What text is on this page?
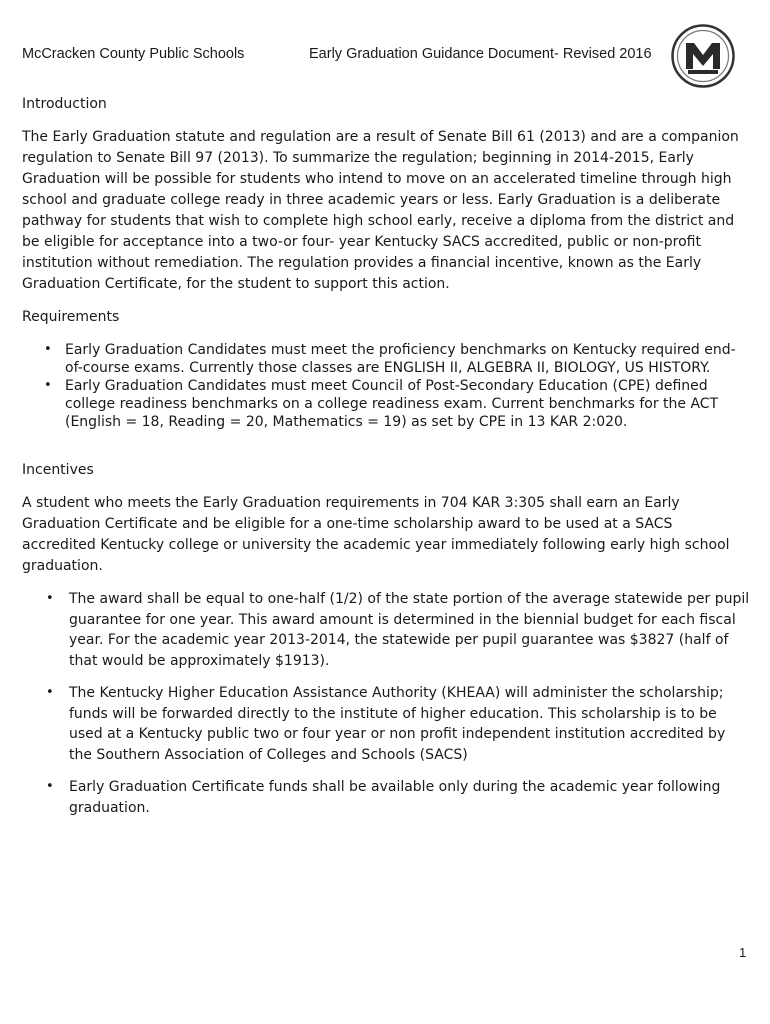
McCracken County Public Schools	Early Graduation Guidance Document- Revised 2016
Introduction

The Early Graduation statute and regulation are a result of Senate Bill 61 (2013) and are a companion regulation to Senate Bill 97 (2013). To summarize the regulation; beginning in 2014-2015, Early Graduation will be possible for students who intend to move on an accelerated timeline through high school and graduate college ready in three academic years or less. Early Graduation is a deliberate pathway for students that wish to complete high school early, receive a diploma from the district and be eligible for acceptance into a two-or four- year Kentucky SACS accredited, public or non-profit institution without remediation. The regulation provides a financial incentive, known as the Early Graduation Certificate, for the student to support this action.

Requirements
• Early Graduation Candidates must meet the proficiency benchmarks on Kentucky required end-of-course exams. Currently those classes are ENGLISH II, ALGEBRA II, BIOLOGY, US HISTORY.
• Early Graduation Candidates must meet Council of Post-Secondary Education (CPE) defined college readiness benchmarks on a college readiness exam. Current benchmarks for the ACT (English = 18, Reading = 20, Mathematics = 19) as set by CPE in 13 KAR 2:020.
Incentives

A student who meets the Early Graduation requirements in 704 KAR 3:305 shall earn an Early Graduation Certificate and be eligible for a one-time scholarship award to be used at a SACS accredited Kentucky college or university the academic year immediately following early high school graduation.

• The award shall be equal to one-half (1/2) of the state portion of the average statewide per pupil guarantee for one year. This award amount is determined in the biennial budget for each fiscal year. For the academic year 2013-2014, the statewide per pupil guarantee was $3827 (half of that would be approximately $1913).
• The Kentucky Higher Education Assistance Authority (KHEAA) will administer the scholarship; funds will be forwarded directly to the institute of higher education. This scholarship is to be used at a Kentucky public two or four year or non profit independent institution accredited by the Southern Association of Colleges and Schools (SACS)
• Early Graduation Certificate funds shall be available only during the academic year following graduation.
1
